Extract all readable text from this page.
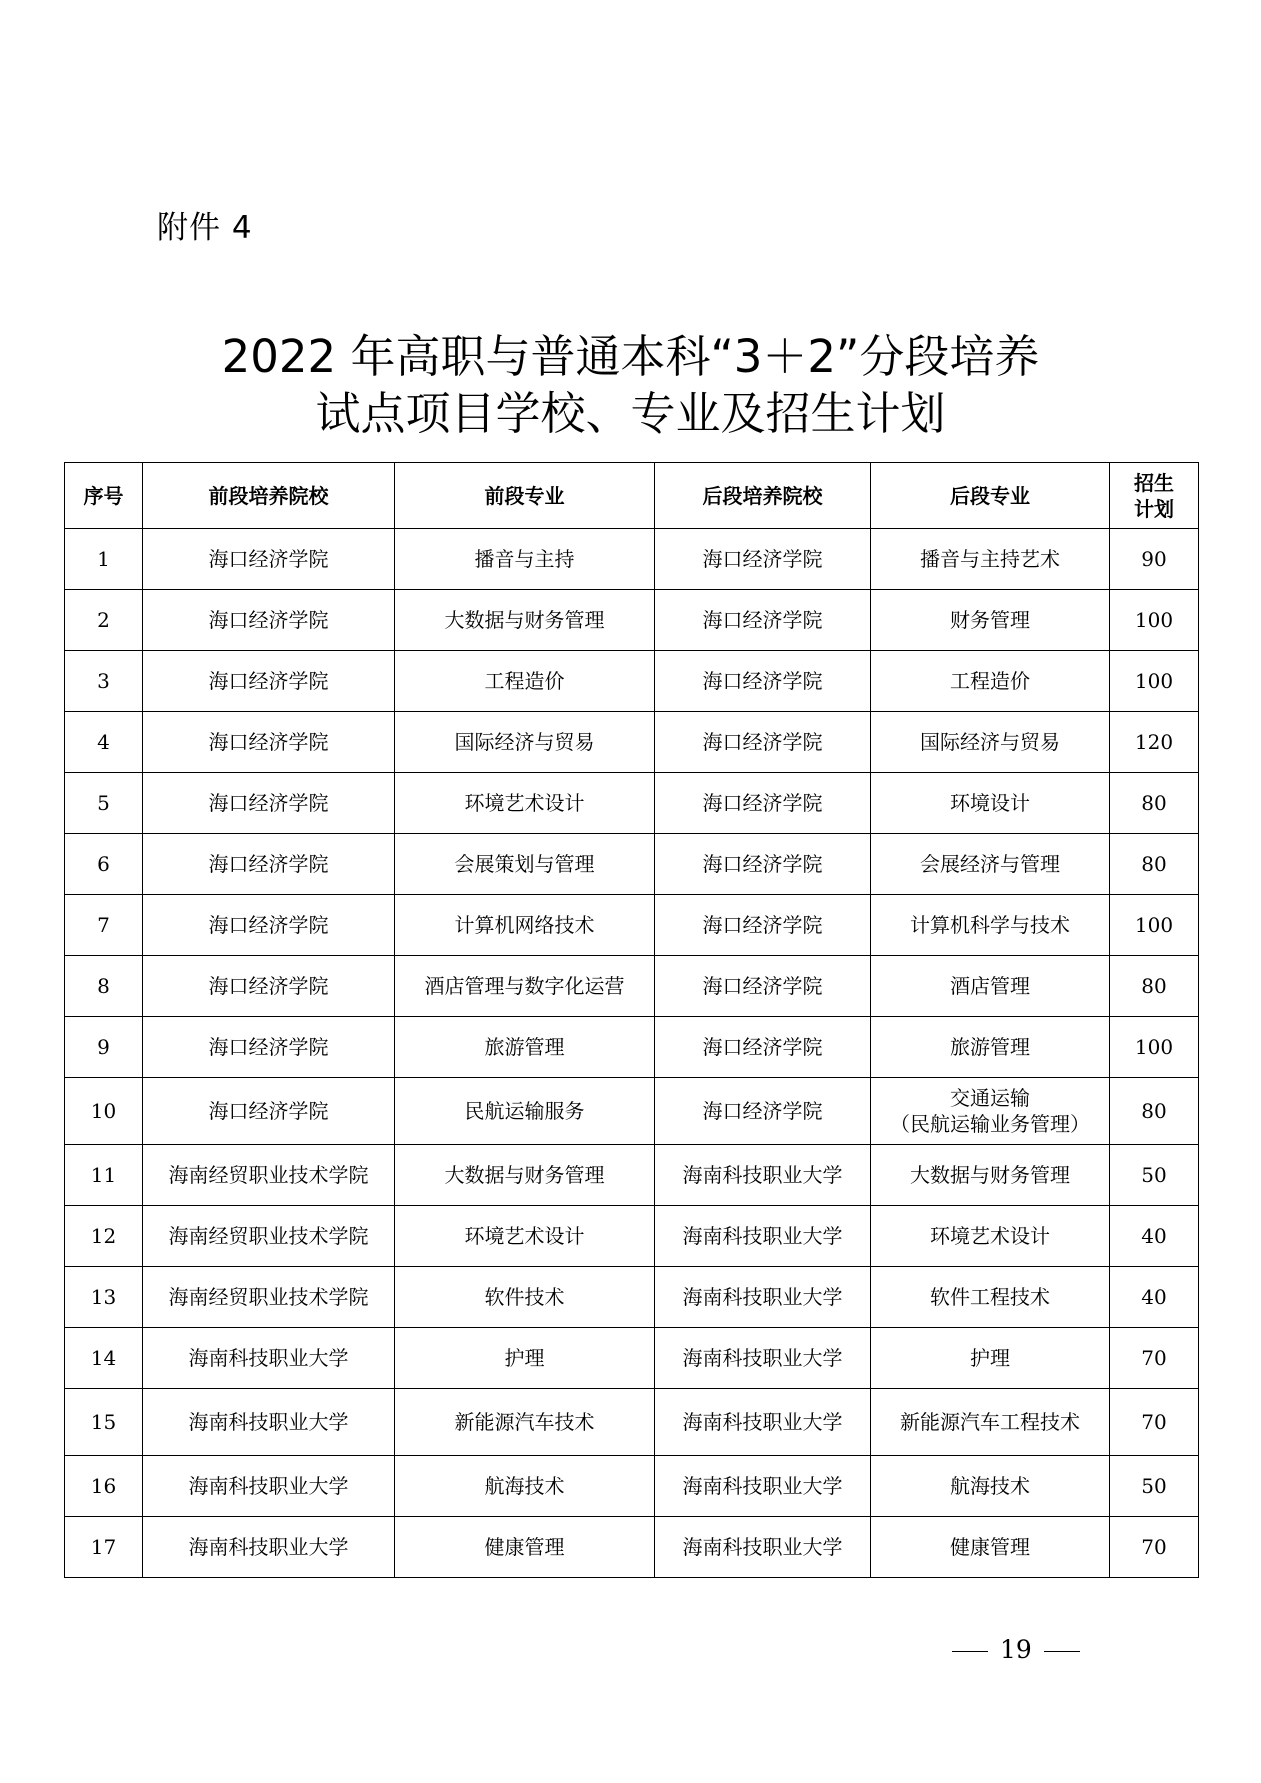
附件 4
2022 年高职与普通本科“3＋2”分段培养
试点项目学校、专业及招生计划
序号	前段培养院校	前段专业	后段培养院校	后段专业	招生
计划

1	海口经济学院	播音与主持	海口经济学院	播音与主持艺术	90
2	海口经济学院	大数据与财务管理	海口经济学院	财务管理	100
3	海口经济学院	工程造价	海口经济学院	工程造价	100
4	海口经济学院	国际经济与贸易	海口经济学院	国际经济与贸易	120
5	海口经济学院	环境艺术设计	海口经济学院	环境设计	80
6	海口经济学院	会展策划与管理	海口经济学院	会展经济与管理	80
7	海口经济学院	计算机网络技术	海口经济学院	计算机科学与技术	100
8	海口经济学院	酒店管理与数字化运营	海口经济学院	酒店管理	80
9	海口经济学院	旅游管理	海口经济学院	旅游管理	100
10	海口经济学院	民航运输服务	海口经济学院	交通运输
（民航运输业务管理）	80
11	海南经贸职业技术学院	大数据与财务管理	海南科技职业大学	大数据与财务管理	50
12	海南经贸职业技术学院	环境艺术设计	海南科技职业大学	环境艺术设计	40
13	海南经贸职业技术学院	软件技术	海南科技职业大学	软件工程技术	40
14	海南科技职业大学	护理	海南科技职业大学	护理	70
15	海南科技职业大学	新能源汽车技术	海南科技职业大学	新能源汽车工程技术	70
16	海南科技职业大学	航海技术	海南科技职业大学	航海技术	50
17	海南科技职业大学	健康管理	海南科技职业大学	健康管理	70
19
